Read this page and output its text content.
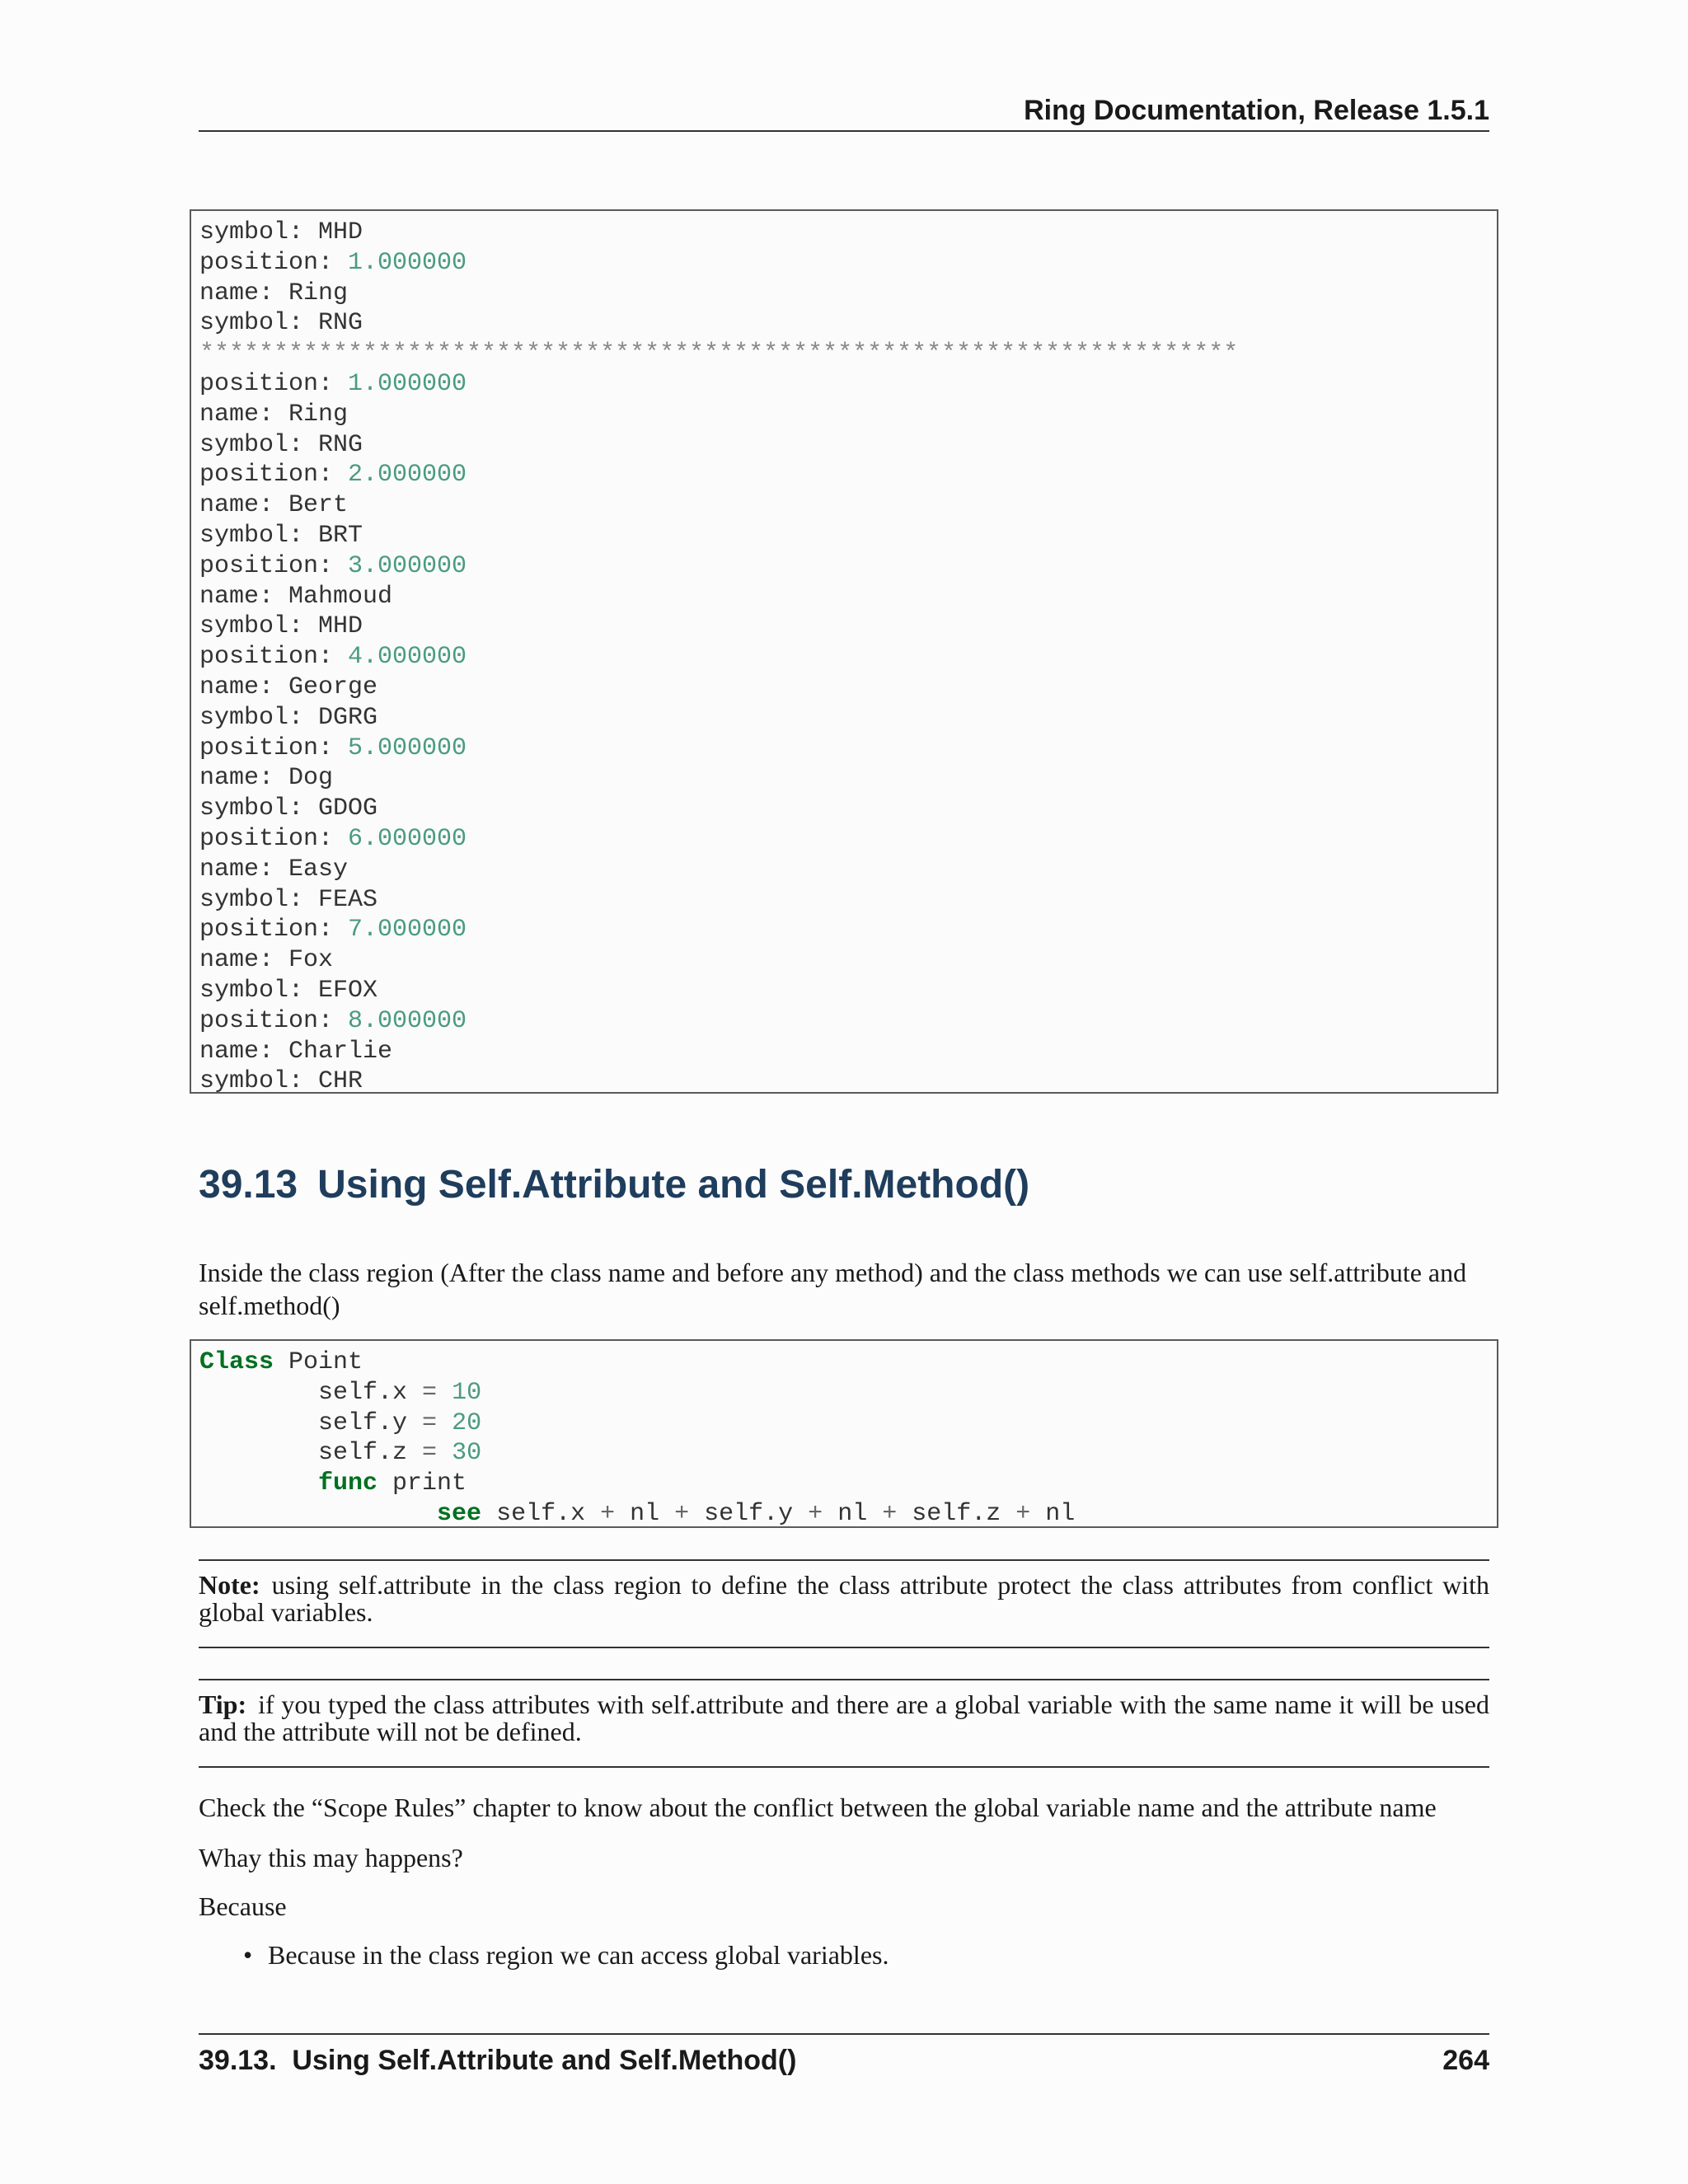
Ring Documentation, Release 1.5.1
symbol: MHD
position: 1.000000
name: Ring
symbol: RNG
**********************************************************************
position: 1.000000
name: Ring
symbol: RNG
position: 2.000000
name: Bert
symbol: BRT
position: 3.000000
name: Mahmoud
symbol: MHD
position: 4.000000
name: George
symbol: DGRG
position: 5.000000
name: Dog
symbol: GDOG
position: 6.000000
name: Easy
symbol: FEAS
position: 7.000000
name: Fox
symbol: EFOX
position: 8.000000
name: Charlie
symbol: CHR
39.13 Using Self.Attribute and Self.Method()
Inside the class region (After the class name and before any method) and the class methods we can use self.attribute and self.method()
Class Point
self.x = 10
self.y = 20
self.z = 30
func print
see self.x + nl + self.y + nl + self.z + nl
Note: using self.attribute in the class region to define the class attribute protect the class attributes from conflict with global variables.
Tip: if you typed the class attributes with self.attribute and there are a global variable with the same name it will be used and the attribute will not be defined.
Check the “Scope Rules” chapter to know about the conflict between the global variable name and the attribute name
Whay this may happens?
Because
• Because in the class region we can access global variables.
39.13.  Using Self.Attribute and Self.Method()	264
